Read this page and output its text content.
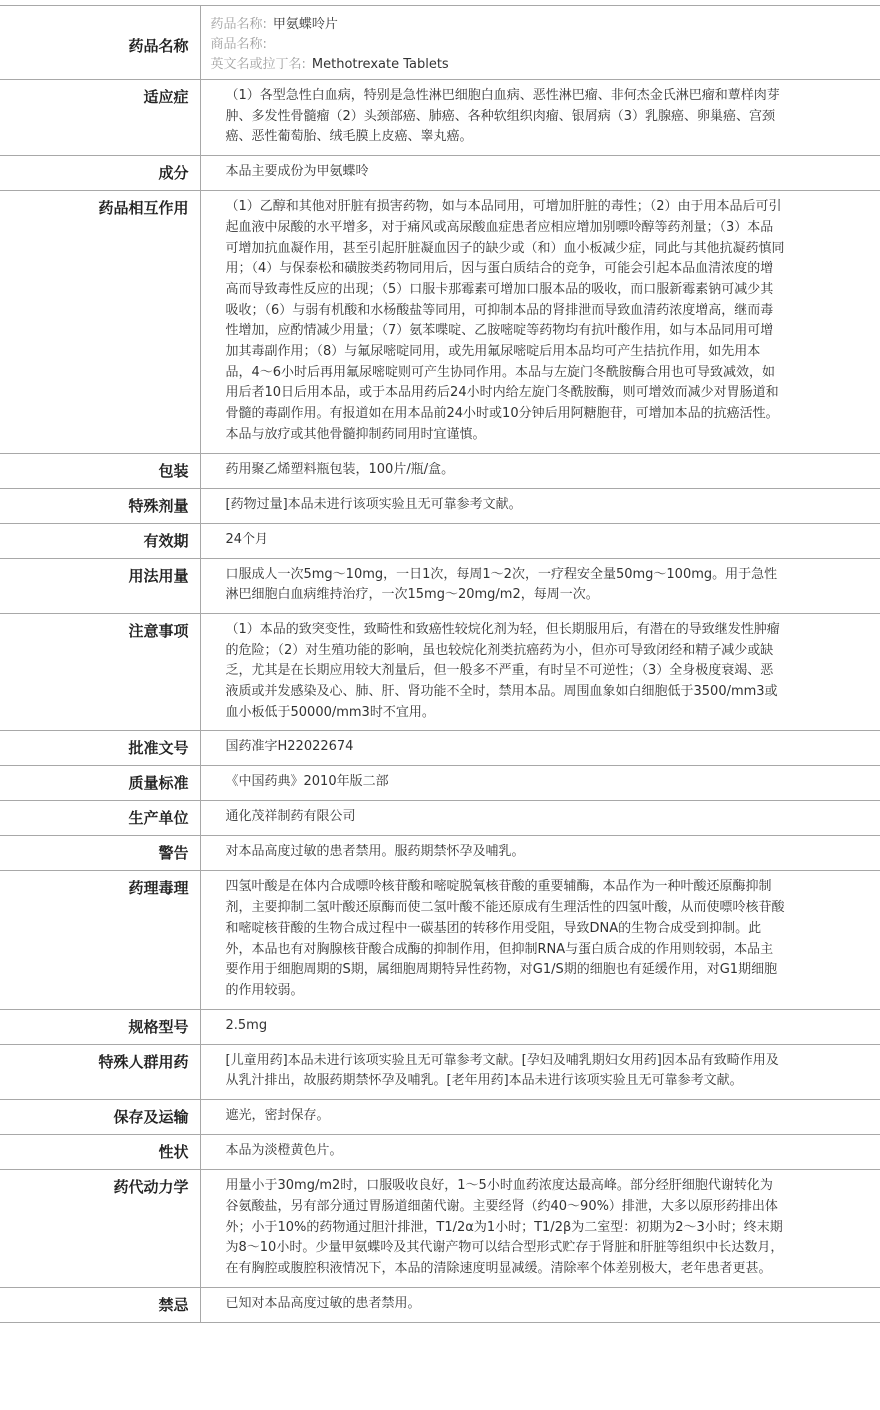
药品名称	药品名称: 甲氨蝶呤片
商品名称:
英文名或拉丁名: Methotrexate Tablets

适应症	（1）各型急性白血病，特别是急性淋巴细胞白血病、恶性淋巴瘤、非何杰金氏淋巴瘤和蕈样肉芽肿、多发性骨髓瘤（2）头颈部癌、肺癌、各种软组织肉瘤、银屑病（3）乳腺癌、卵巢癌、宫颈癌、恶性葡萄胎、绒毛膜上皮癌、睾丸癌。
成分	本品主要成份为甲氨蝶呤
药品相互作用	（1）乙醇和其他对肝脏有损害药物，如与本品同用，可增加肝脏的毒性；（2）由于用本品后可引起血液中尿酸的水平增多，对于痛风或高尿酸血症患者应相应增加别嘌呤醇等药剂量；（3）本品可增加抗血凝作用，甚至引起肝脏凝血因子的缺少或（和）血小板减少症，同此与其他抗凝药慎同用；（4）与保泰松和磺胺类药物同用后，因与蛋白质结合的竞争，可能会引起本品血清浓度的增高而导致毒性反应的出现；（5）口服卡那霉素可增加口服本品的吸收，而口服新霉素钠可减少其吸收；（6）与弱有机酸和水杨酸盐等同用，可抑制本品的肾排泄而导致血清药浓度增高，继而毒性增加，应酌情减少用量；（7）氨苯喋啶、乙胺嘧啶等药物均有抗叶酸作用，如与本品同用可增加其毒副作用；（8）与氟尿嘧啶同用，或先用氟尿嘧啶后用本品均可产生拮抗作用，如先用本品，4～6小时后再用氟尿嘧啶则可产生协同作用。本品与左旋门冬酰胺酶合用也可导致减效，如用后者10日后用本品，或于本品用药后24小时内给左旋门冬酰胺酶，则可增效而减少对胃肠道和骨髓的毒副作用。有报道如在用本品前24小时或10分钟后用阿糖胞苷，可增加本品的抗癌活性。本品与放疗或其他骨髓抑制药同用时宜谨慎。
包装	药用聚乙烯塑料瓶包装，100片/瓶/盒。
特殊剂量	[药物过量]本品未进行该项实验且无可靠参考文献。
有效期	24个月
用法用量	口服成人一次5mg～10mg，一日1次，每周1～2次，一疗程安全量50mg～100mg。用于急性淋巴细胞白血病维持治疗，一次15mg～20mg/m2，每周一次。
注意事项	（1）本品的致突变性，致畸性和致癌性较烷化剂为轻，但长期服用后，有潜在的导致继发性肿瘤的危险；（2）对生殖功能的影响，虽也较烷化剂类抗癌药为小，但亦可导致闭经和精子减少或缺乏，尤其是在长期应用较大剂量后，但一般多不严重，有时呈不可逆性；（3）全身极度衰竭、恶液质或并发感染及心、肺、肝、肾功能不全时，禁用本品。周围血象如白细胞低于3500/mm3或血小板低于50000/mm3时不宜用。
批准文号	国药准字H22022674
质量标准	《中国药典》2010年版二部
生产单位	通化茂祥制药有限公司
警告	对本品高度过敏的患者禁用。服药期禁怀孕及哺乳。
药理毒理	四氢叶酸是在体内合成嘌呤核苷酸和嘧啶脱氧核苷酸的重要辅酶，本品作为一种叶酸还原酶抑制剂，主要抑制二氢叶酸还原酶而使二氢叶酸不能还原成有生理活性的四氢叶酸，从而使嘌呤核苷酸和嘧啶核苷酸的生物合成过程中一碳基团的转移作用受阻，导致DNA的生物合成受到抑制。此外，本品也有对胸腺核苷酸合成酶的抑制作用，但抑制RNA与蛋白质合成的作用则较弱，本品主要作用于细胞周期的S期，属细胞周期特异性药物，对G1/S期的细胞也有延缓作用，对G1期细胞的作用较弱。
规格型号	2.5mg
特殊人群用药	[儿童用药]本品未进行该项实验且无可靠参考文献。[孕妇及哺乳期妇女用药]因本品有致畸作用及从乳汁排出，故服药期禁怀孕及哺乳。[老年用药]本品未进行该项实验且无可靠参考文献。
保存及运输	遮光，密封保存。
性状	本品为淡橙黄色片。
药代动力学	用量小于30mg/m2时，口服吸收良好，1～5小时血药浓度达最高峰。部分经肝细胞代谢转化为谷氨酸盐，另有部分通过胃肠道细菌代谢。主要经肾（约40～90%）排泄，大多以原形药排出体外；小于10%的药物通过胆汁排泄，T1/2α为1小时；T1/2β为二室型：初期为2～3小时；终末期为8～10小时。少量甲氨蝶呤及其代谢产物可以结合型形式贮存于肾脏和肝脏等组织中长达数月，在有胸腔或腹腔积液情况下，本品的清除速度明显减缓。清除率个体差别极大，老年患者更甚。
禁忌	已知对本品高度过敏的患者禁用。
